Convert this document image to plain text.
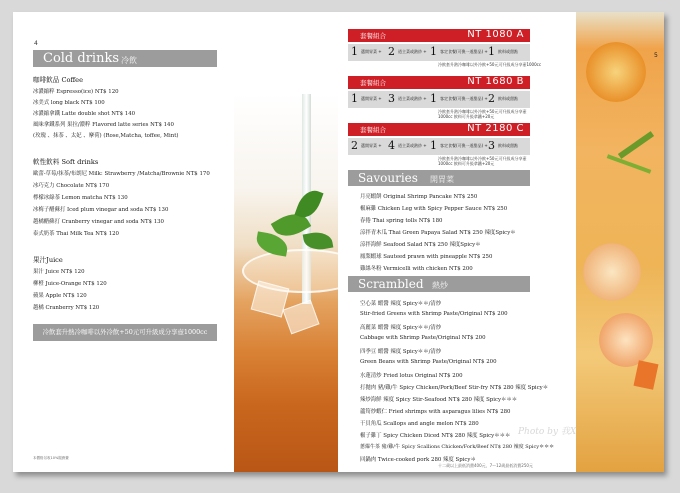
4
Cold drinks 冷飲
咖啡飲品 Coffee
冰濃縮粹 Espresso(ice) NT$ 120
冰美式 long black NT$ 100
冰濃縮拿鐵 Latte double shot NT$ 140
風味拿鐵系列 果拉/濃粹 Flavored latte series NT$ 140
(玫瑰 、抹茶 、太妃 、摩荷) (Rose,Matcha, toffee, Mint)
軟性飲料 Soft drinks
歐蕾-草莓/抹茶/布朗尼 Milk: Strawberry /Matcha/Brownie NT$ 170
冰巧克力 Chocolate NT$ 170
檸檬冰綠茶 Lemon matcha NT$ 130
冰梅子醋蘇打 Iced plum vinegar and soda NT$ 130
越橘醋蘇打 Cranberry vinegar and soda NT$ 130
泰式奶茶 Thai Milk Tea NT$ 120
果汁Juice
果汁 Juice NT$ 120
柳橙 Juice-Orange NT$ 120
蘋果 Apple NT$ 120
越橘 Cranberry NT$ 120
冷飲套升熱冷咖啡以外冷飲+50元可升級成分享壺1000cc
本價格另收10%服務費
套餐組合	NT 1080 A
1 選開胃菜 + 2 道主菜或熱炒 + 1 客定食餐(可換一道甜品) + 1 飲料或甜點
冷飲套升熱冷咖啡以外冷飲+50元可升級成分享壺1000cc
套餐組合	NT 1680 B
1 選開胃菜 + 3 道主菜或熱炒 + 1 客定食餐(可換一道甜品) + 2 飲料或甜點
冷飲套升熱冷咖啡以外冷飲+50元可升級成分享壺1000cc 飲料可升級拿鐵+20元
套餐組合	NT 2180 C
2 選開胃菜 + 4 道主菜或熱炒 + 1 客定食餐(可換一道甜品) + 3 飲料或甜點
冷飲套升熱冷咖啡以外冷飲+50元可升級成分享壺1000cc 飲料可升級拿鐵+20元
Savouries 開胃菜
月亮蝦餅 Original Shrimp Pancake NT$ 250
椒麻雞 Chicken Leg with Spicy Pepper Sauce NT$ 250
春捲 Thai spring tolls NT$ 180
涼拌青木瓜 Thai Green Papaya Salad NT$ 250 辣度Spicy＊
涼拌海鮮 Seafood Salad NT$ 250 辣度Spicy＊
鳳梨蝦球 Sauteed prawn with pineapple NT$ 250
雞絲冬粉 Vermicelli with chicken NT$ 200
Scrambled 熱炒
空心菜 蝦醬 辣度 Spicy＊＊/清炒
Stir-fried Greens with Shrimp Paste/Original NT$ 200
高麗菜 蝦醬 辣度 Spicy＊＊/清炒
Cabbage with Shrimp Paste/Original NT$ 200
四季豆 蝦醬 辣度 Spicy＊＊/清炒
Green Beans with Shrimp Paste/Original NT$ 200
水蓮清炒 Fried lotus Original NT$ 200
打拋肉 豬/雞/牛 Spicy Chicken/Pork/Beef Stir-fry NT$ 280 辣度 Spicy＊
辣炒海鮮 辣度 Spicy Stir-Seafood NT$ 280 辣度 Spicy＊＊＊
蘆筍炒蝦仁 Fried shrimps with asparagus lilies NT$ 280
干貝角瓜 Scallops and angle melon NT$ 280
椒子雞丁 Spicy Chicken Diced NT$ 280 辣度 Spicy＊＊＊
蔥爆牛茶 豬/雞/牛 Spicy Scallions Chicken/Fork/Beef NT$ 280 辣度 Spicy＊＊＊
回鍋肉 Twice-cooked pork 280 辣度 Spicy＊
十二歲以上最低消費400元，7～12歲最低消費250元
5
Photo by 我X
